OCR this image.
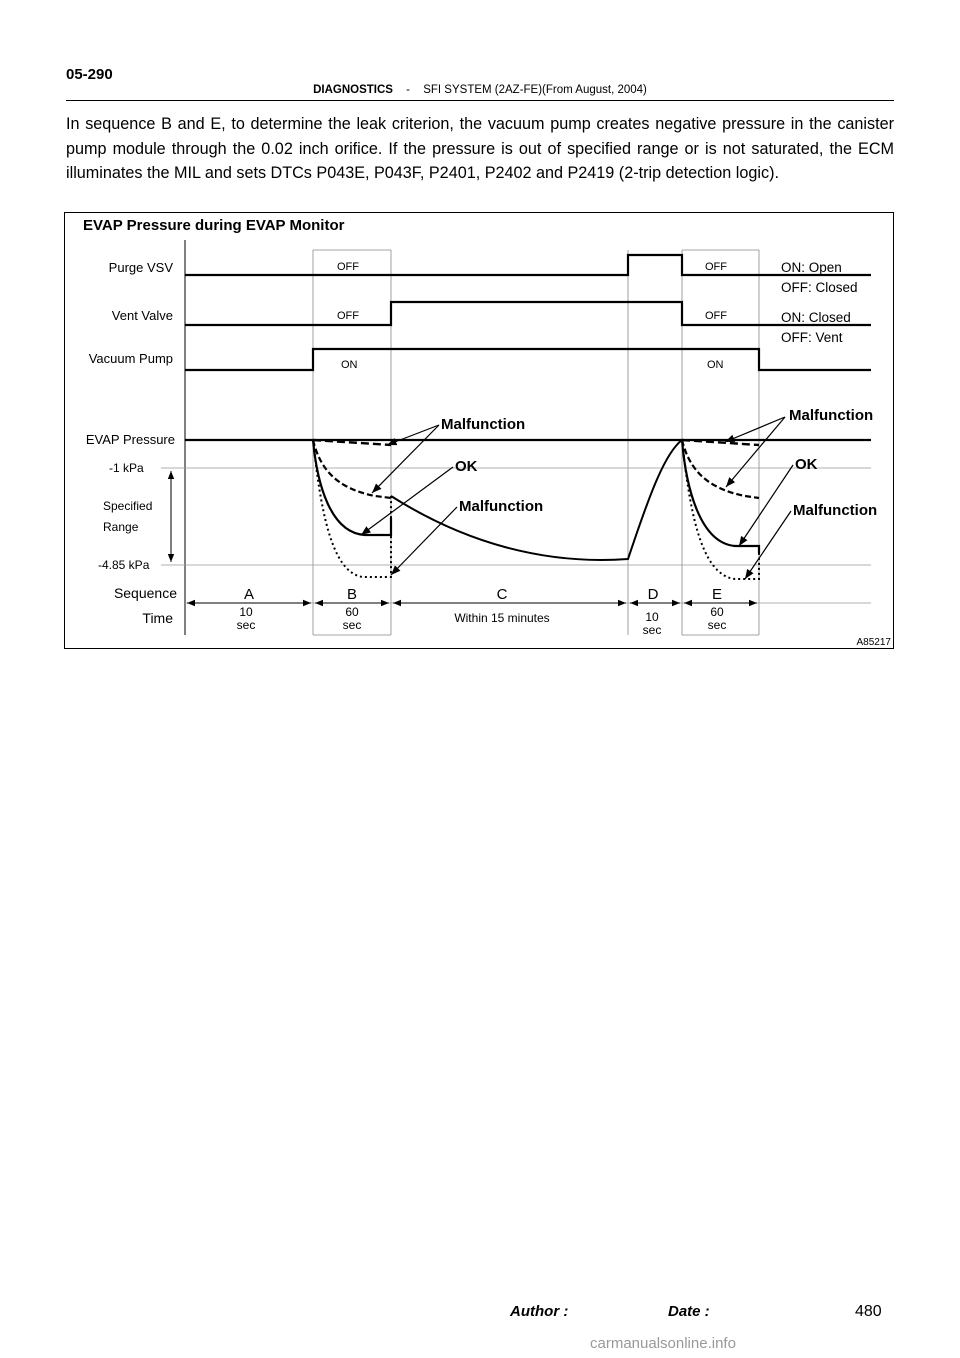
05-290
DIAGNOSTICS - SFI SYSTEM (2AZ-FE)(From August, 2004)
In sequence B and E, to determine the leak criterion, the vacuum pump creates negative pressure in the canister pump module through the 0.02 inch orifice. If the pressure is out of specified range or is not saturated, the ECM illuminates the MIL and sets DTCs P043E, P043F, P2401, P2402 and P2419 (2-trip detection logic).
EVAP Pressure during EVAP Monitor
Purge VSV
Vent Valve
Vacuum Pump
EVAP Pressure
Sequence
Time
OFF	OFF
OFF	OFF
ON	ON
ON: Open
OFF: Closed
ON: Closed
OFF: Vent
-1 kPa
-4.85 kPa
Specified
Range
Malfunction
OK
Malfunction
Malfunction
OK
Malfunction
A	B	C	D	E
10
sec
60
sec	Within 15 minutes	10
sec
60
sec
A85217
Author :	Date :	480
carmanualsonline.info
